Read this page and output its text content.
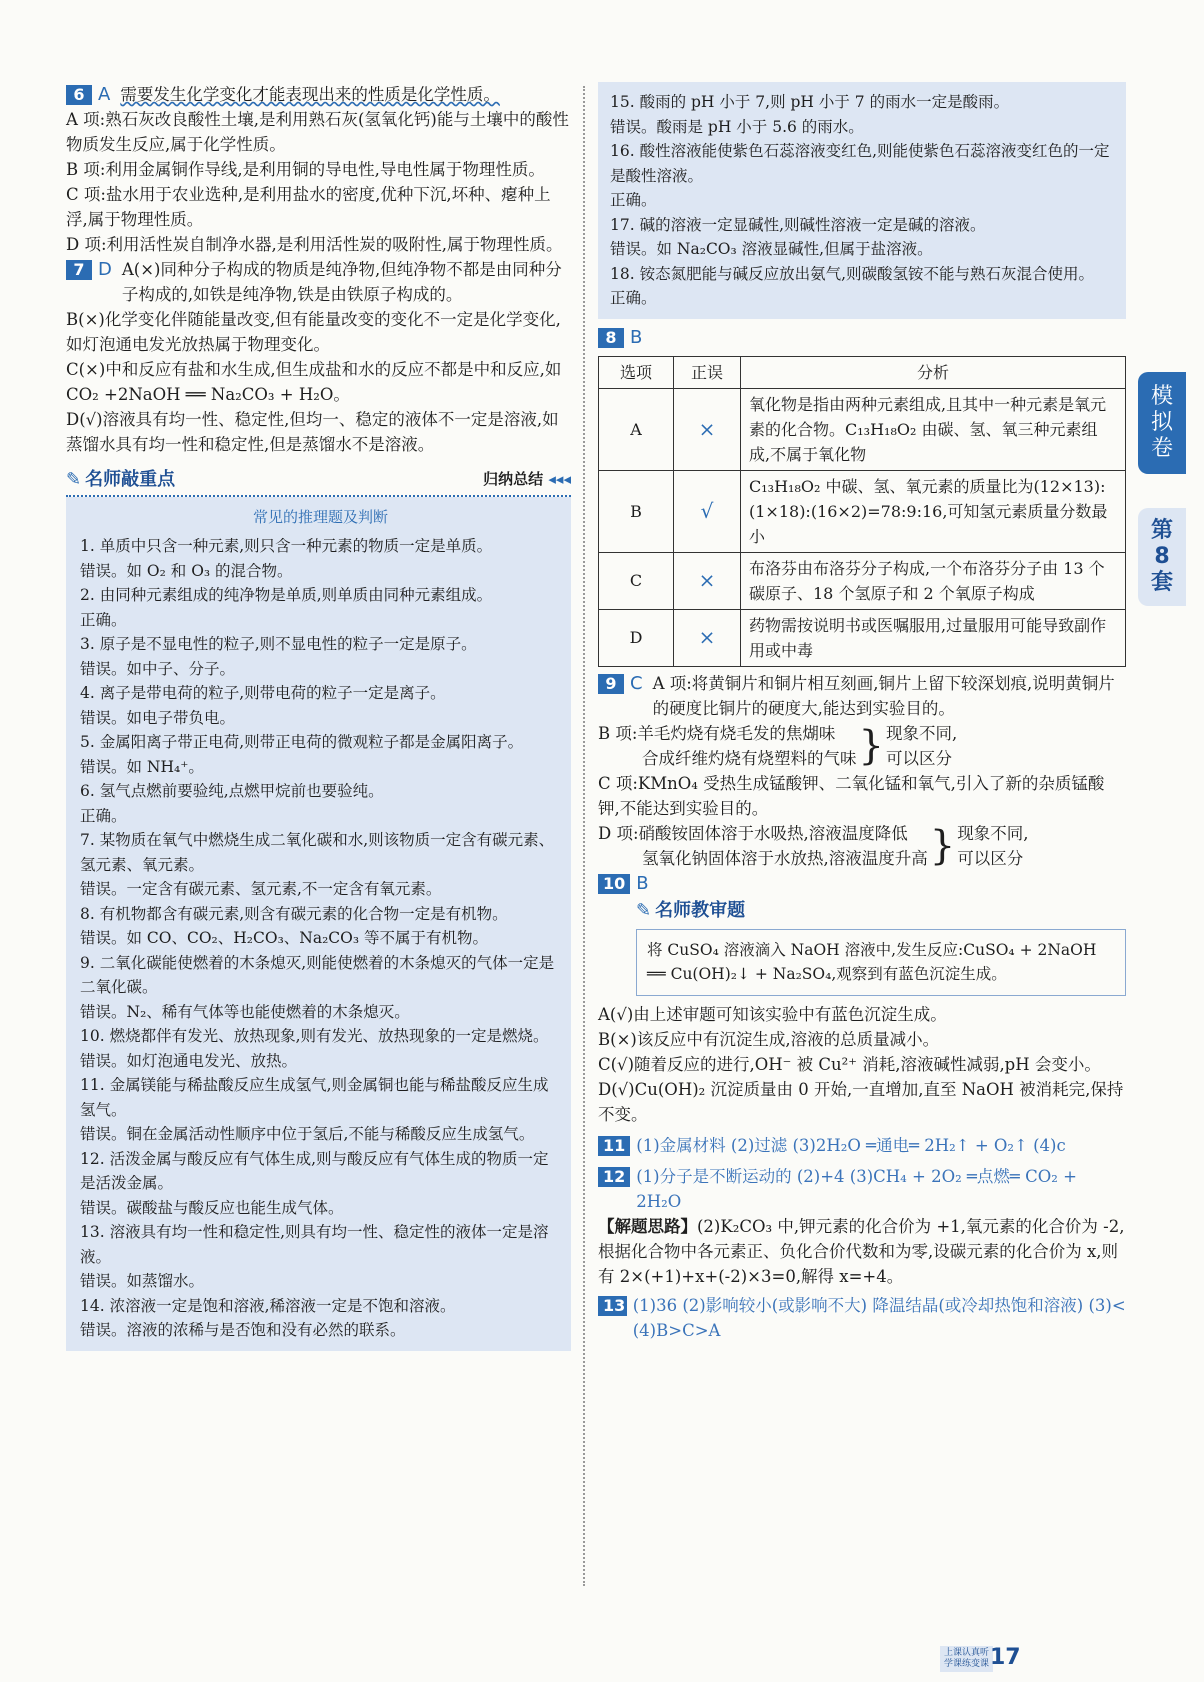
6 A 需要发生化学变化才能表现出来的性质是化学性质。

A 项:熟石灰改良酸性土壤,是利用熟石灰(氢氧化钙)能与土壤中的酸性物质发生反应,属于化学性质。

B 项:利用金属铜作导线,是利用铜的导电性,导电性属于物理性质。

C 项:盐水用于农业选种,是利用盐水的密度,优种下沉,坏种、瘪种上浮,属于物理性质。

D 项:利用活性炭自制净水器,是利用活性炭的吸附性,属于物理性质。

7 D A(×)同种分子构成的物质是纯净物,但纯净物不都是由同种分子构成的,如铁是纯净物,铁是由铁原子构成的。

B(×)化学变化伴随能量改变,但有能量改变的变化不一定是化学变化,如灯泡通电发光放热属于物理变化。

C(×)中和反应有盐和水生成,但生成盐和水的反应不都是中和反应,如 CO₂ +2NaOH ══ Na₂CO₃ + H₂O。

D(√)溶液具有均一性、稳定性,但均一、稳定的液体不一定是溶液,如蒸馏水具有均一性和稳定性,但是蒸馏水不是溶液。

✎ 名师敲重点	归纳总结 ◂◂◂
常见的推理题及判断

1. 单质中只含一种元素,则只含一种元素的物质一定是单质。

错误。如 O₂ 和 O₃ 的混合物。

2. 由同种元素组成的纯净物是单质,则单质由同种元素组成。

正确。

3. 原子是不显电性的粒子,则不显电性的粒子一定是原子。

错误。如中子、分子。

4. 离子是带电荷的粒子,则带电荷的粒子一定是离子。

错误。如电子带负电。

5. 金属阳离子带正电荷,则带正电荷的微观粒子都是金属阳离子。

错误。如 NH₄⁺。

6. 氢气点燃前要验纯,点燃甲烷前也要验纯。

正确。

7. 某物质在氧气中燃烧生成二氧化碳和水,则该物质一定含有碳元素、氢元素、氧元素。

错误。一定含有碳元素、氢元素,不一定含有氧元素。

8. 有机物都含有碳元素,则含有碳元素的化合物一定是有机物。

错误。如 CO、CO₂、H₂CO₃、Na₂CO₃ 等不属于有机物。

9. 二氧化碳能使燃着的木条熄灭,则能使燃着的木条熄灭的气体一定是二氧化碳。

错误。N₂、稀有气体等也能使燃着的木条熄灭。

10. 燃烧都伴有发光、放热现象,则有发光、放热现象的一定是燃烧。

错误。如灯泡通电发光、放热。

11. 金属镁能与稀盐酸反应生成氢气,则金属铜也能与稀盐酸反应生成氢气。

错误。铜在金属活动性顺序中位于氢后,不能与稀酸反应生成氢气。

12. 活泼金属与酸反应有气体生成,则与酸反应有气体生成的物质一定是活泼金属。

错误。碳酸盐与酸反应也能生成气体。

13. 溶液具有均一性和稳定性,则具有均一性、稳定性的液体一定是溶液。

错误。如蒸馏水。

14. 浓溶液一定是饱和溶液,稀溶液一定是不饱和溶液。

错误。溶液的浓稀与是否饱和没有必然的联系。

15. 酸雨的 pH 小于 7,则 pH 小于 7 的雨水一定是酸雨。

错误。酸雨是 pH 小于 5.6 的雨水。

16. 酸性溶液能使紫色石蕊溶液变红色,则能使紫色石蕊溶液变红色的一定是酸性溶液。

正确。

17. 碱的溶液一定显碱性,则碱性溶液一定是碱的溶液。

错误。如 Na₂CO₃ 溶液显碱性,但属于盐溶液。

18. 铵态氮肥能与碱反应放出氨气,则碳酸氢铵不能与熟石灰混合使用。

正确。

8 B
选项	正误	分析
A	×	氧化物是指由两种元素组成,且其中一种元素是氧元素的化合物。C₁₃H₁₈O₂ 由碳、氢、氧三种元素组成,不属于氧化物
B	√	C₁₃H₁₈O₂ 中碳、氢、氧元素的质量比为(12×13):(1×18):(16×2)=78:9:16,可知氢元素质量分数最小
C	×	布洛芬由布洛芬分子构成,一个布洛芬分子由 13 个碳原子、18 个氢原子和 2 个氧原子构成
D	×	药物需按说明书或医嘱服用,过量服用可能导致副作用或中毒
9 C A 项:将黄铜片和铜片相互刻画,铜片上留下较深划痕,说明黄铜片的硬度比铜片的硬度大,能达到实验目的。

B 项:羊毛灼烧有烧毛发的焦煳味

合成纤维灼烧有烧塑料的气味 } 现象不同,

可以区分

C 项:KMnO₄ 受热生成锰酸钾、二氧化锰和氧气,引入了新的杂质锰酸钾,不能达到实验目的。

D 项:硝酸铵固体溶于水吸热,溶液温度降低

氢氧化钠固体溶于水放热,溶液温度升高 } 现象不同,

可以区分

10 B
✎ 名师教审题
将 CuSO₄ 溶液滴入 NaOH 溶液中,发生反应:CuSO₄ + 2NaOH ══ Cu(OH)₂↓ + Na₂SO₄,观察到有蓝色沉淀生成。

A(√)由上述审题可知该实验中有蓝色沉淀生成。

B(×)该反应中有沉淀生成,溶液的总质量减小。

C(√)随着反应的进行,OH⁻ 被 Cu²⁺ 消耗,溶液碱性减弱,pH 会变小。

D(√)Cu(OH)₂ 沉淀质量由 0 开始,一直增加,直至 NaOH 被消耗完,保持不变。

11 (1)金属材料 (2)过滤 (3)2H₂O ═通电═ 2H₂↑ + O₂↑ (4)c
12 (1)分子是不断运动的 (2)+4 (3)CH₄ + 2O₂ ═点燃═ CO₂ + 2H₂O

【解题思路】(2)K₂CO₃ 中,钾元素的化合价为 +1,氧元素的化合价为 -2,根据化合物中各元素正、负化合价代数和为零,设碳元素的化合价为 x,则有 2×(+1)+x+(-2)×3=0,解得 x=+4。

13 (1)36 (2)影响较小(或影响不大) 降温结晶(或冷却热饱和溶液) (3)< (4)B>C>A
模拟卷
第8套
上课认真听
学课练变课 17
